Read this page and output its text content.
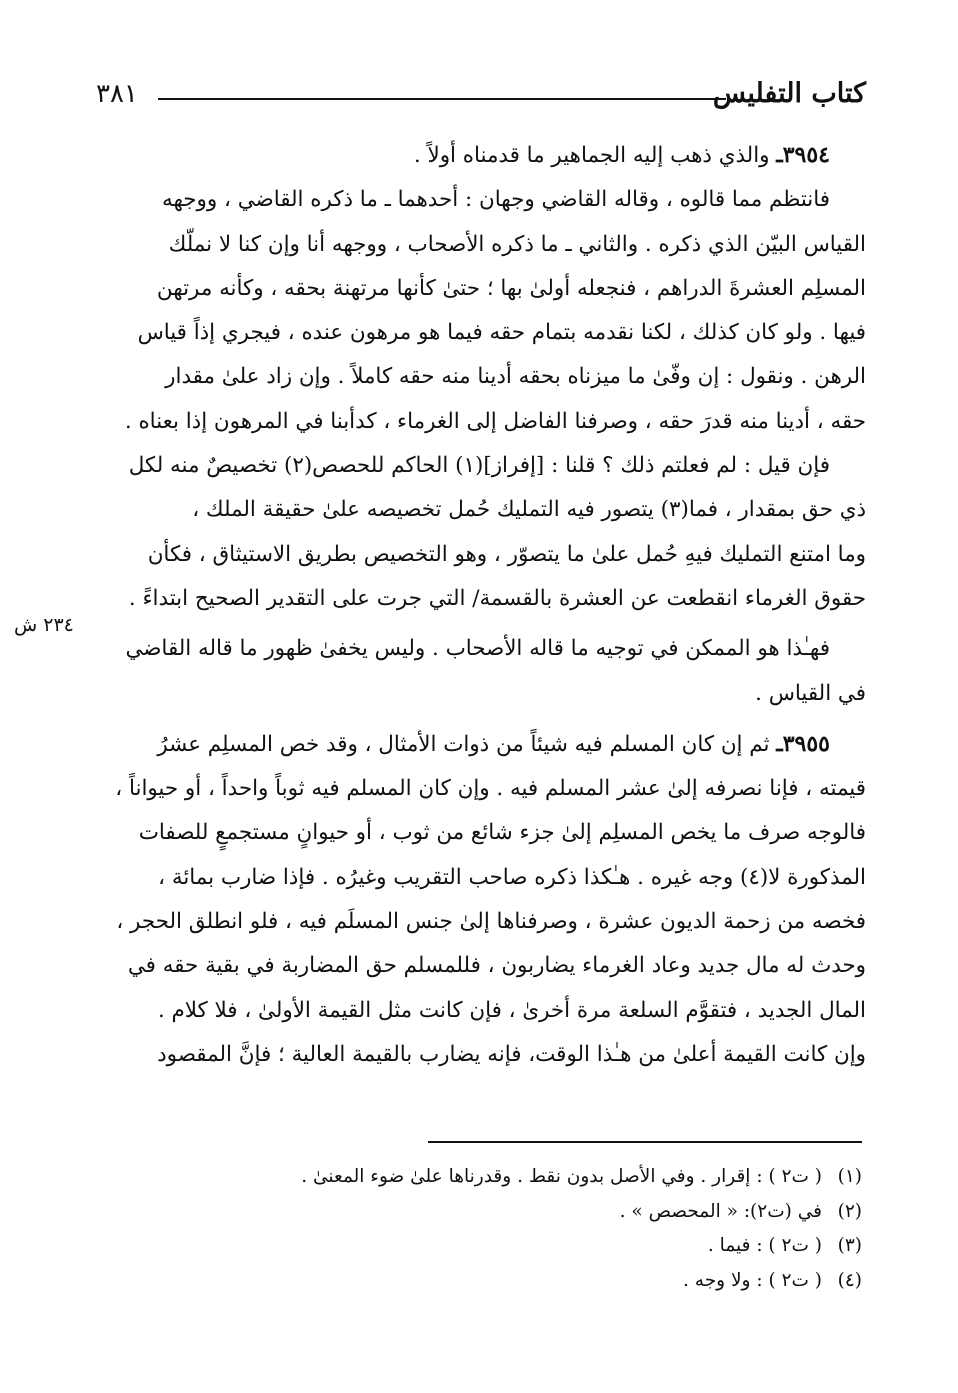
كتاب التفليس
٣٨١

٣٩٥٤ـ والذي ذهب إليه الجماهير ما قدمناه أولاً .

فانتظم مما قالوه ، وقاله القاضي وجهان : أحدهما ـ ما ذكره القاضي ، ووجهه
القياس البيّن الذي ذكره . والثاني ـ ما ذكره الأصحاب ، ووجهه أنا وإن كنا لا نملّك
المسلِم العشرةَ الدراهم ، فنجعله أولىٰ بها ؛ حتىٰ كأنها مرتهنة بحقه ، وكأنه مرتهن
فيها . ولو كان كذلك ، لكنا نقدمه بتمام حقه فيما هو مرهون عنده ، فيجري إذاً قياس
الرهن . ونقول : إن وفّىٰ ما ميزناه بحقه أدينا منه حقه كاملاً . وإن زاد علىٰ مقدار
حقه ، أدينا منه قدرَ حقه ، وصرفنا الفاضل إلى الغرماء ، كدأبنا في المرهون إذا بعناه .

فإن قيل : لم فعلتم ذلك ؟ قلنا : [إفراز](١) الحاكم للحصص(٢) تخصيصٌ منه لكل
ذي حق بمقدار ، فما(٣) يتصور فيه التمليك حُمل تخصيصه علىٰ حقيقة الملك ،
وما امتنع التمليك فيهِ حُمل علىٰ ما يتصوّر ، وهو التخصيص بطريق الاستيثاق ، فكأن
حقوق الغرماء انقطعت عن العشرة بالقسمة/ التي جرت على التقدير الصحيح ابتداءً .

فهـٰذا هو الممكن في توجيه ما قاله الأصحاب . وليس يخفىٰ ظهور ما قاله القاضي
في القياس .

٣٩٥٥ـ ثم إن كان المسلم فيه شيئاً من ذوات الأمثال ، وقد خص المسلِم عشرُ
قيمته ، فإنا نصرفه إلىٰ عشر المسلم فيه . وإن كان المسلم فيه ثوباً واحداً ، أو حيواناً ،
فالوجه صرف ما يخص المسلِم إلىٰ جزء شائع من ثوب ، أو حيوانٍ مستجمعٍ للصفات
المذكورة لا(٤) وجه غيره . هـٰكذا ذكره صاحب التقريب وغيرُه . فإذا ضارب بمائة ،
فخصه من زحمة الديون عشرة ، وصرفناها إلىٰ جنس المسلَم فيه ، فلو انطلق الحجر ،
وحدث له مال جديد وعاد الغرماء يضاربون ، فللمسلم حق المضاربة في بقية حقه في
المال الجديد ، فتقوَّم السلعة مرة أخرىٰ ، فإن كانت مثل القيمة الأولىٰ ، فلا كلام .
وإن كانت القيمة أعلىٰ من هـٰذا الوقت، فإنه يضارب بالقيمة العالية ؛ فإنَّ المقصود

٢٣٤ ش
(١)( ت٢ ) : إقرار . وفي الأصل بدون نقط . وقدرناها علىٰ ضوء المعنىٰ .
(٢)في (ت٢): « المحصص » .
(٣)( ت٢ ) : فيما .
(٤)( ت٢ ) : ولا وجه .
